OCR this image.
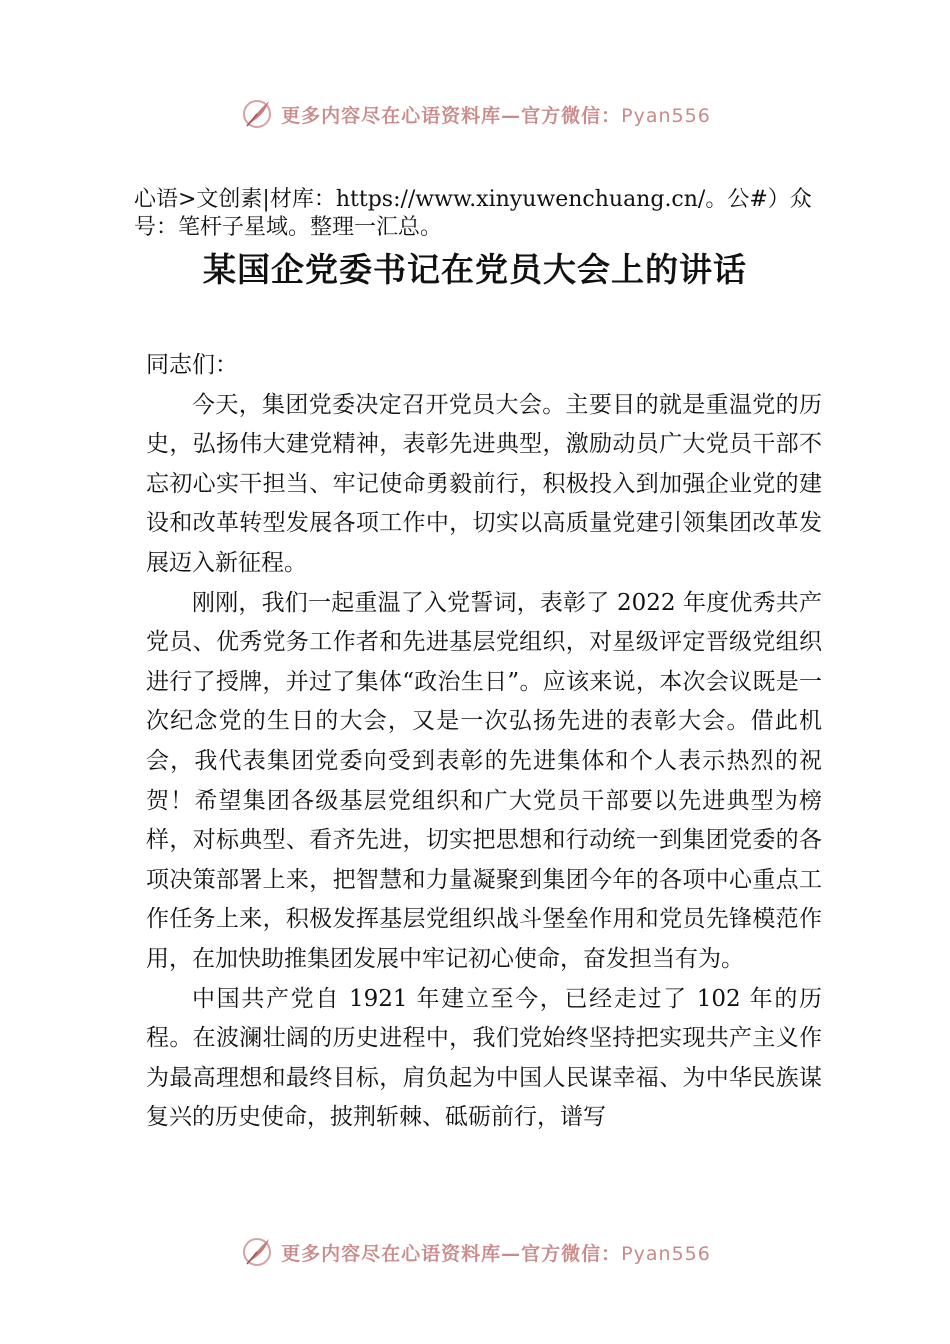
更多内容尽在心语资料库—官方微信：Pyan556
心语>文创素|材库：https://www.xinyuwenchuang.cn/。公#）众号：笔杆子星域。整理一汇总。
某国企党委书记在党员大会上的讲话

同志们：

今天，集团党委决定召开党员大会。主要目的就是重温党的历史，弘扬伟大建党精神，表彰先进典型，激励动员广大党员干部不忘初心实干担当、牢记使命勇毅前行，积极投入到加强企业党的建设和改革转型发展各项工作中，切实以高质量党建引领集团改革发展迈入新征程。

刚刚，我们一起重温了入党誓词，表彰了 2022 年度优秀共产党员、优秀党务工作者和先进基层党组织，对星级评定晋级党组织进行了授牌，并过了集体“政治生日”。应该来说，本次会议既是一次纪念党的生日的大会，又是一次弘扬先进的表彰大会。借此机会，我代表集团党委向受到表彰的先进集体和个人表示热烈的祝贺！希望集团各级基层党组织和广大党员干部要以先进典型为榜样，对标典型、看齐先进，切实把思想和行动统一到集团党委的各项决策部署上来，把智慧和力量凝聚到集团今年的各项中心重点工作任务上来，积极发挥基层党组织战斗堡垒作用和党员先锋模范作用，在加快助推集团发展中牢记初心使命，奋发担当有为。

中国共产党自 1921 年建立至今，已经走过了 102 年的历程。在波澜壮阔的历史进程中，我们党始终坚持把实现共产主义作为最高理想和最终目标，肩负起为中国人民谋幸福、为中华民族谋复兴的历史使命，披荆斩棘、砥砺前行，谱写

更多内容尽在心语资料库—官方微信：Pyan556
